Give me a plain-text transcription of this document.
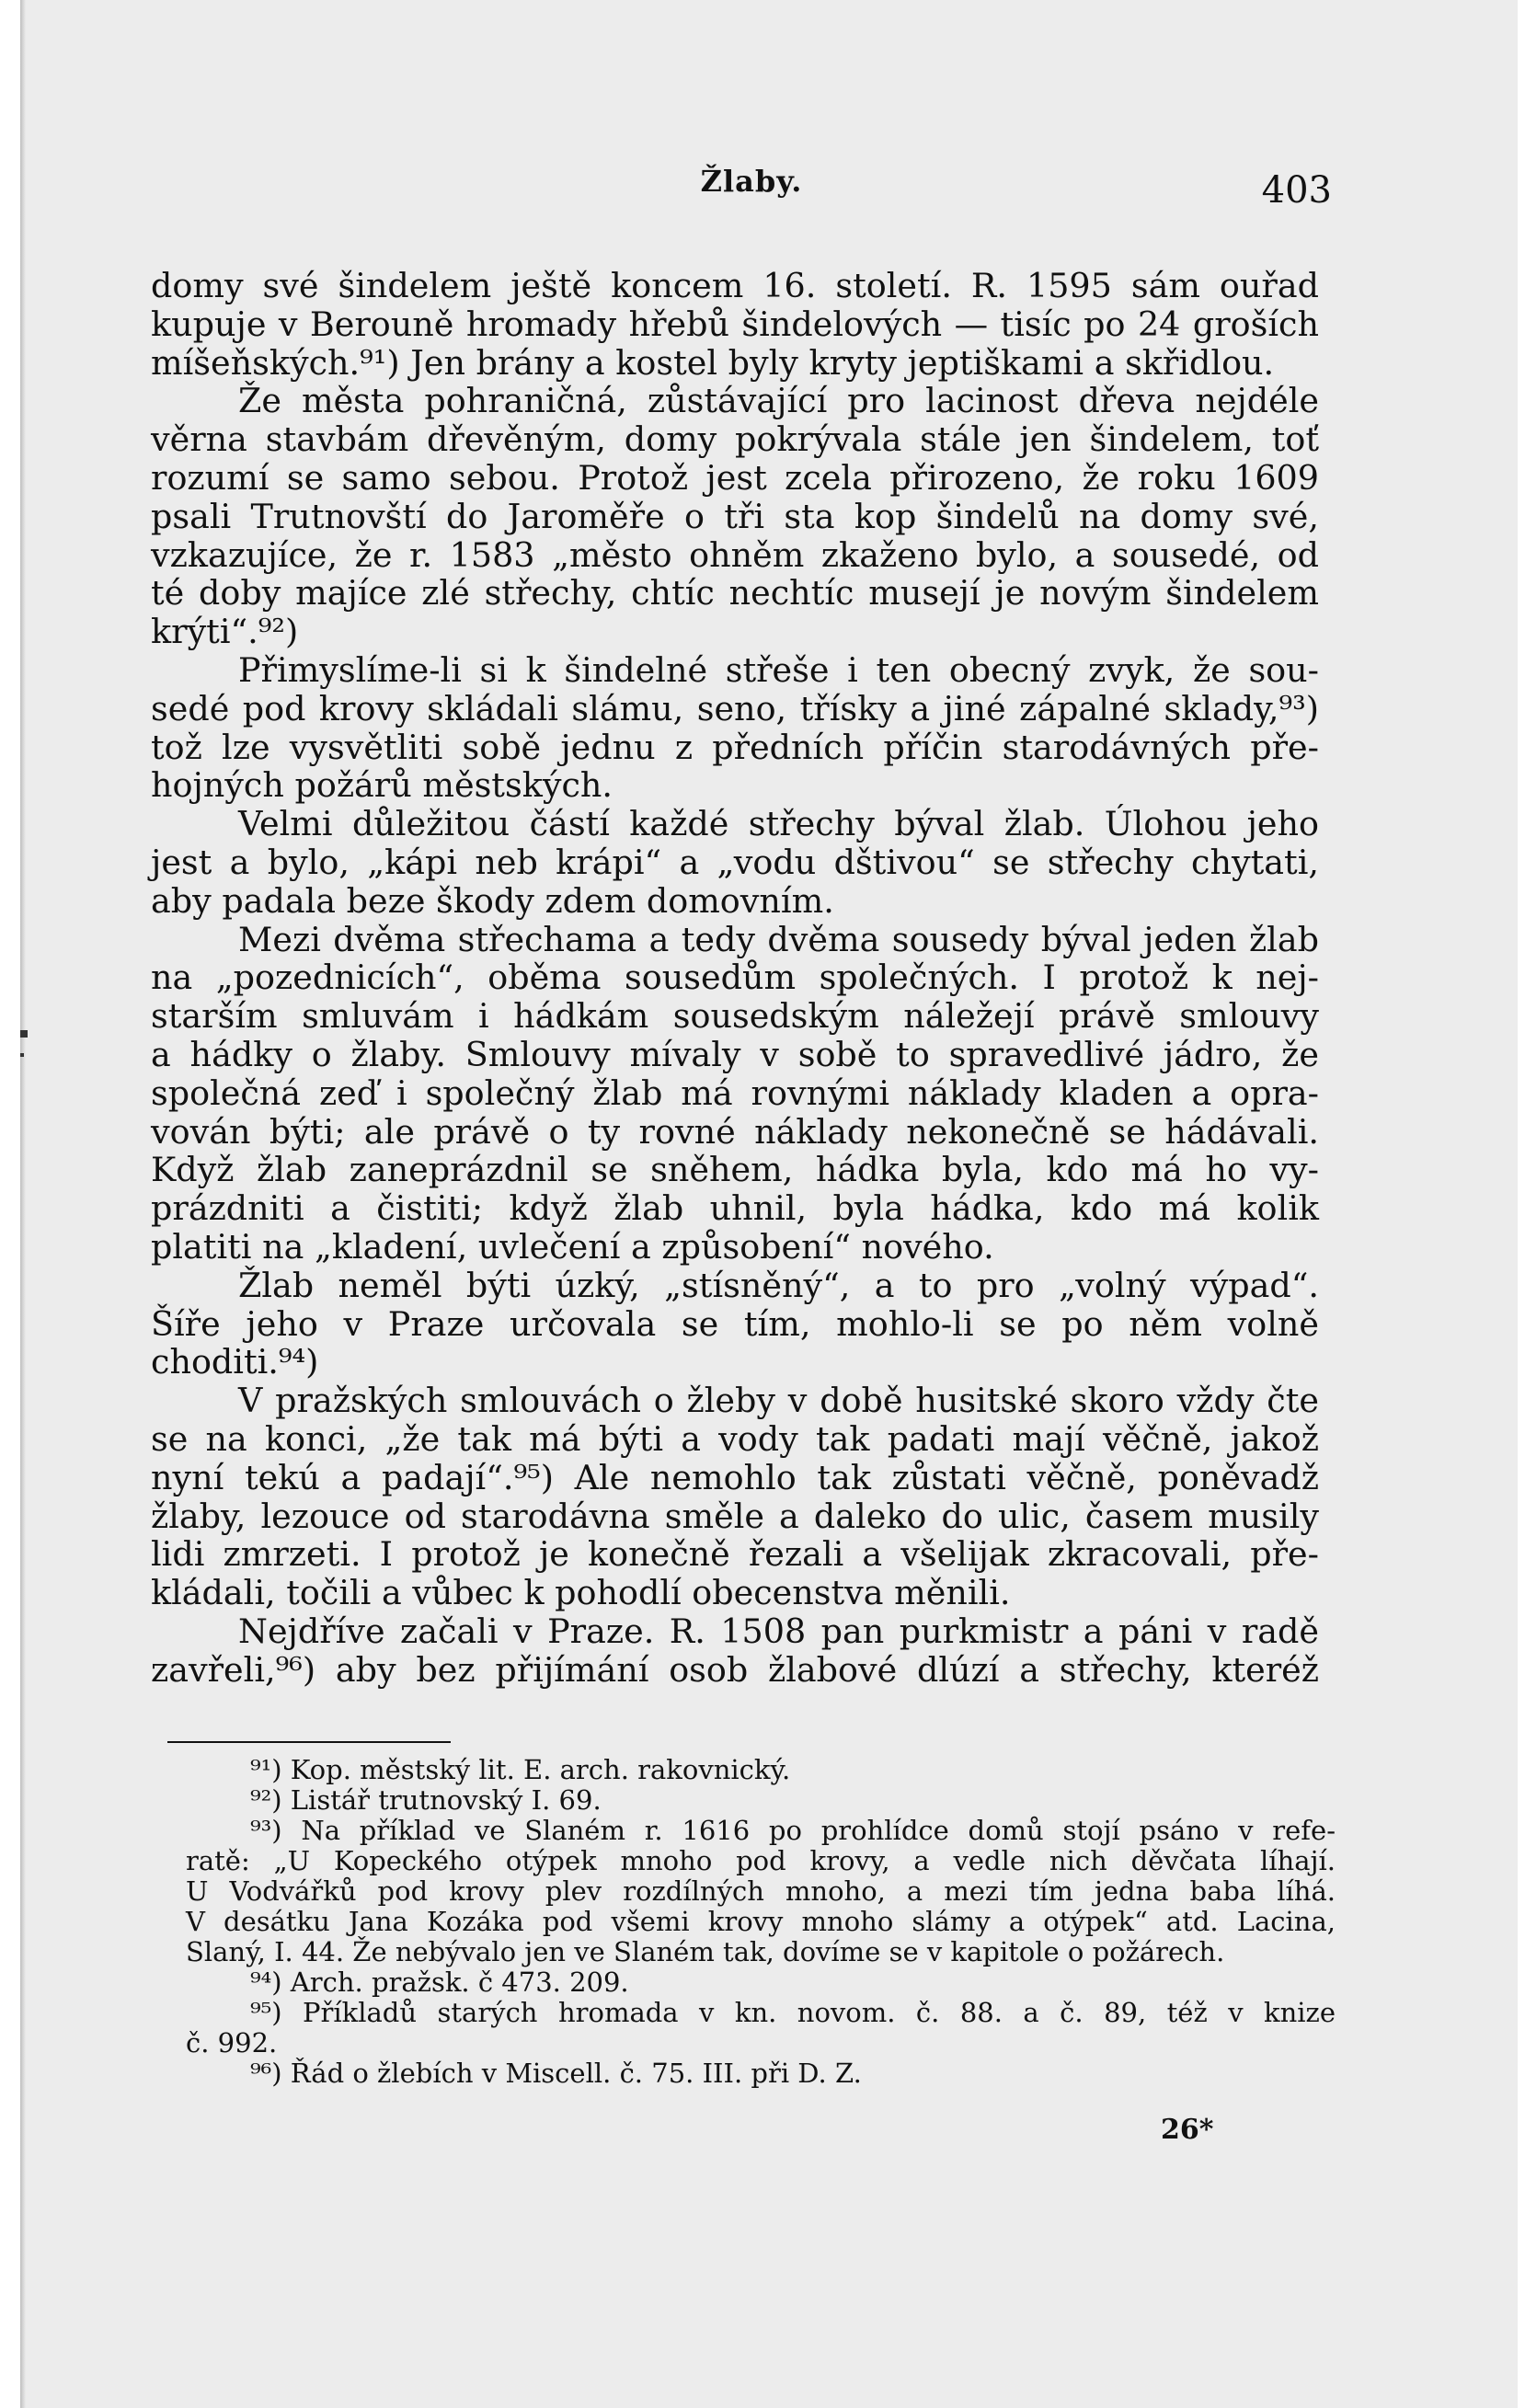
Žlaby.	403
domy své šindelem ještě koncem 16. století. R. 1595 sám ouřad
kupuje v Berouně hromady hřebů šindelových — tisíc po 24 groších
míšeňských.⁹¹) Jen brány a kostel byly kryty jeptiškami a skřidlou.
Že města pohraničná, zůstávající pro lacinost dřeva nejdéle
věrna stavbám dřevěným, domy pokrývala stále jen šindelem, toť
rozumí se samo sebou. Protož jest zcela přirozeno, že roku 1609
psali Trutnovští do Jaroměře o tři sta kop šindelů na domy své,
vzkazujíce, že r. 1583 „město ohněm zkaženo bylo, a sousedé, od
té doby majíce zlé střechy, chtíc nechtíc musejí je novým šindelem
krýti“.⁹²)
Přimyslíme-li si k šindelné střeše i ten obecný zvyk, že sou-
sedé pod krovy skládali slámu, seno, třísky a jiné zápalné sklady,⁹³)
tož lze vysvětliti sobě jednu z předních příčin starodávných pře-
hojných požárů městských.
Velmi důležitou částí každé střechy býval žlab. Úlohou jeho
jest a bylo, „kápi neb krápi“ a „vodu dštivou“ se střechy chytati,
aby padala beze škody zdem domovním.
Mezi dvěma střechama a tedy dvěma sousedy býval jeden žlab
na „pozednicích“, oběma sousedům společných. I protož k nej-
starším smluvám i hádkám sousedským náležejí právě smlouvy
a hádky o žlaby. Smlouvy mívaly v sobě to spravedlivé jádro, že
společná zeď i společný žlab má rovnými náklady kladen a opra-
vován býti; ale právě o ty rovné náklady nekonečně se hádávali.
Když žlab zaneprázdnil se sněhem, hádka byla, kdo má ho vy-
prázdniti a čistiti; když žlab uhnil, byla hádka, kdo má kolik
platiti na „kladení, uvlečení a způsobení“ nového.
Žlab neměl býti úzký, „stísněný“, a to pro „volný výpad“.
Šíře jeho v Praze určovala se tím, mohlo-li se po něm volně
choditi.⁹⁴)
V pražských smlouvách o žleby v době husitské skoro vždy čte
se na konci, „že tak má býti a vody tak padati mají věčně, jakož
nyní tekú a padají“.⁹⁵) Ale nemohlo tak zůstati věčně, poněvadž
žlaby, lezouce od starodávna směle a daleko do ulic, časem musily
lidi zmrzeti. I protož je konečně řezali a všelijak zkracovali, pře-
kládali, točili a vůbec k pohodlí obecenstva měnili.
Nejdříve začali v Praze. R. 1508 pan purkmistr a páni v radě
zavřeli,⁹⁶) aby bez přijímání osob žlabové dlúzí a střechy, kteréž
⁹¹) Kop. městský lit. E. arch. rakovnický.
⁹²) Listář trutnovský I. 69.
⁹³) Na příklad ve Slaném r. 1616 po prohlídce domů stojí psáno v refe-
ratě: „U Kopeckého otýpek mnoho pod krovy, a vedle nich děvčata líhají.
U Vodvářků pod krovy plev rozdílných mnoho, a mezi tím jedna baba líhá.
V desátku Jana Kozáka pod všemi krovy mnoho slámy a otýpek“ atd. Lacina,
Slaný, I. 44. Že nebývalo jen ve Slaném tak, dovíme se v kapitole o požárech.
⁹⁴) Arch. pražsk. č 473. 209.
⁹⁵) Příkladů starých hromada v kn. novom. č. 88. a č. 89, též v knize
č. 992.
⁹⁶) Řád o žlebích v Miscell. č. 75. III. při D. Z.
26*
